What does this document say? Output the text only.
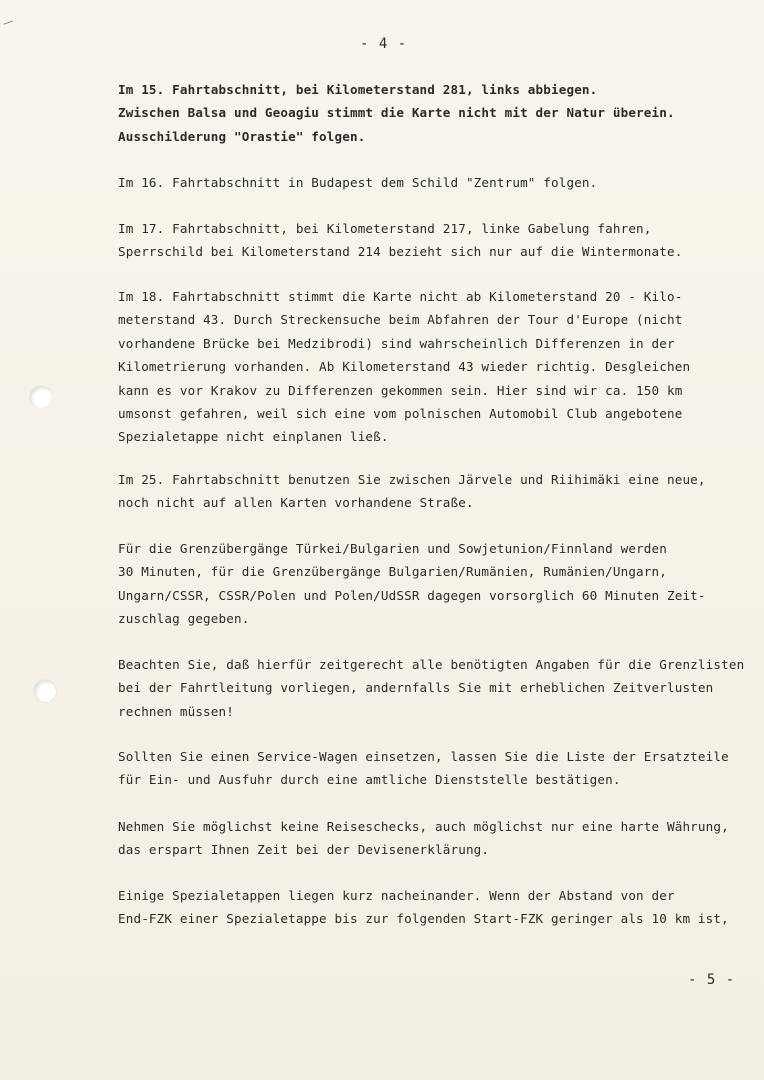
- 4 -

Im 15. Fahrtabschnitt, bei Kilometerstand 281, links abbiegen.
Zwischen Balsa und Geoagiu stimmt die Karte nicht mit der Natur überein.
Ausschilderung "Orastie" folgen.

Im 16. Fahrtabschnitt in Budapest dem Schild "Zentrum" folgen.

Im 17. Fahrtabschnitt, bei Kilometerstand 217, linke Gabelung fahren,
Sperrschild bei Kilometerstand 214 bezieht sich nur auf die Wintermonate.

Im 18. Fahrtabschnitt stimmt die Karte nicht ab Kilometerstand 20 - Kilo-
meterstand 43. Durch Streckensuche beim Abfahren der Tour d'Europe (nicht
vorhandene Brücke bei Medzibrodi) sind wahrscheinlich Differenzen in der
Kilometrierung vorhanden. Ab Kilometerstand 43 wieder richtig. Desgleichen
kann es vor Krakov zu Differenzen gekommen sein. Hier sind wir ca. 150 km
umsonst gefahren, weil sich eine vom polnischen Automobil Club angebotene
Spezialetappe nicht einplanen ließ.

Im 25. Fahrtabschnitt benutzen Sie zwischen Järvele und Riihimäki eine neue,
noch nicht auf allen Karten vorhandene Straße.

Für die Grenzübergänge Türkei/Bulgarien und Sowjetunion/Finnland werden
30 Minuten, für die Grenzübergänge Bulgarien/Rumänien, Rumänien/Ungarn,
Ungarn/CSSR, CSSR/Polen und Polen/UdSSR dagegen vorsorglich 60 Minuten Zeit-
zuschlag gegeben.

Beachten Sie, daß hierfür zeitgerecht alle benötigten Angaben für die Grenzlisten
bei der Fahrtleitung vorliegen, andernfalls Sie mit erheblichen Zeitverlusten
rechnen müssen!

Sollten Sie einen Service-Wagen einsetzen, lassen Sie die Liste der Ersatzteile
für Ein- und Ausfuhr durch eine amtliche Dienststelle bestätigen.

Nehmen Sie möglichst keine Reiseschecks, auch möglichst nur eine harte Währung,
das erspart Ihnen Zeit bei der Devisenerklärung.

Einige Spezialetappen liegen kurz nacheinander. Wenn der Abstand von der
End-FZK einer Spezialetappe bis zur folgenden Start-FZK geringer als 10 km ist,

- 5 -
